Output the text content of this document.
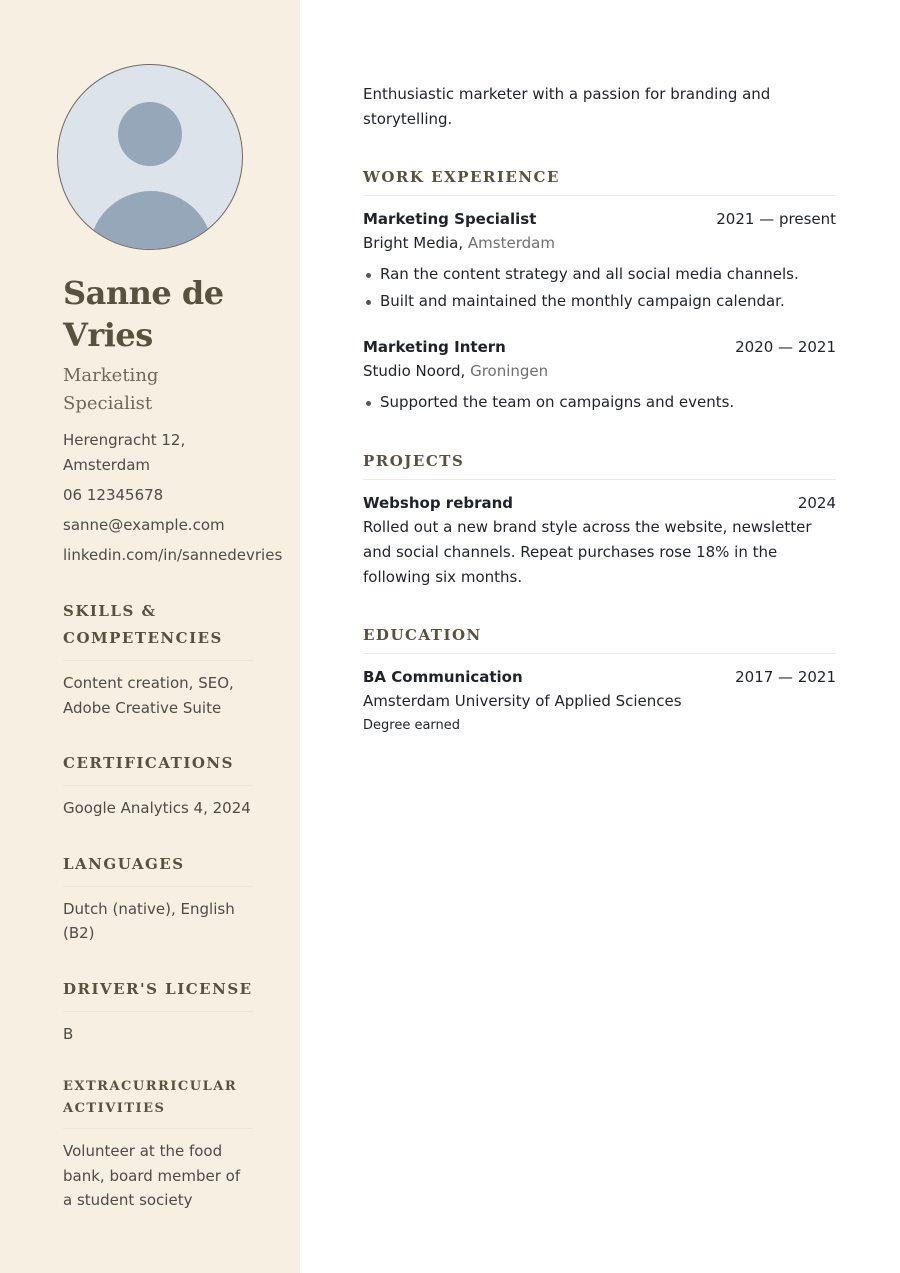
Sanne de Vries
Marketing Specialist
Herengracht 12, Amsterdam
06 12345678
sanne@example.com
linkedin.com/in/sannedevries
SKILLS & COMPETENCIES
Content creation, SEO, Adobe Creative Suite
CERTIFICATIONS
Google Analytics 4, 2024
LANGUAGES
Dutch (native), English (B2)
DRIVER'S LICENSE
B
EXTRACURRICULAR ACTIVITIES
Volunteer at the food bank, board member of a student society

Enthusiastic marketer with a passion for branding and storytelling.

WORK EXPERIENCE
Marketing Specialist	2021 — present
Bright Media, Amsterdam
Ran the content strategy and all social media channels.
Built and maintained the monthly campaign calendar.
Marketing Intern	2020 — 2021
Studio Noord, Groningen
Supported the team on campaigns and events.
PROJECTS
Webshop rebrand	2024

Rolled out a new brand style across the website, newsletter and social channels. Repeat purchases rose 18% in the following six months.

EDUCATION
BA Communication	2017 — 2021
Amsterdam University of Applied Sciences
Degree earned
